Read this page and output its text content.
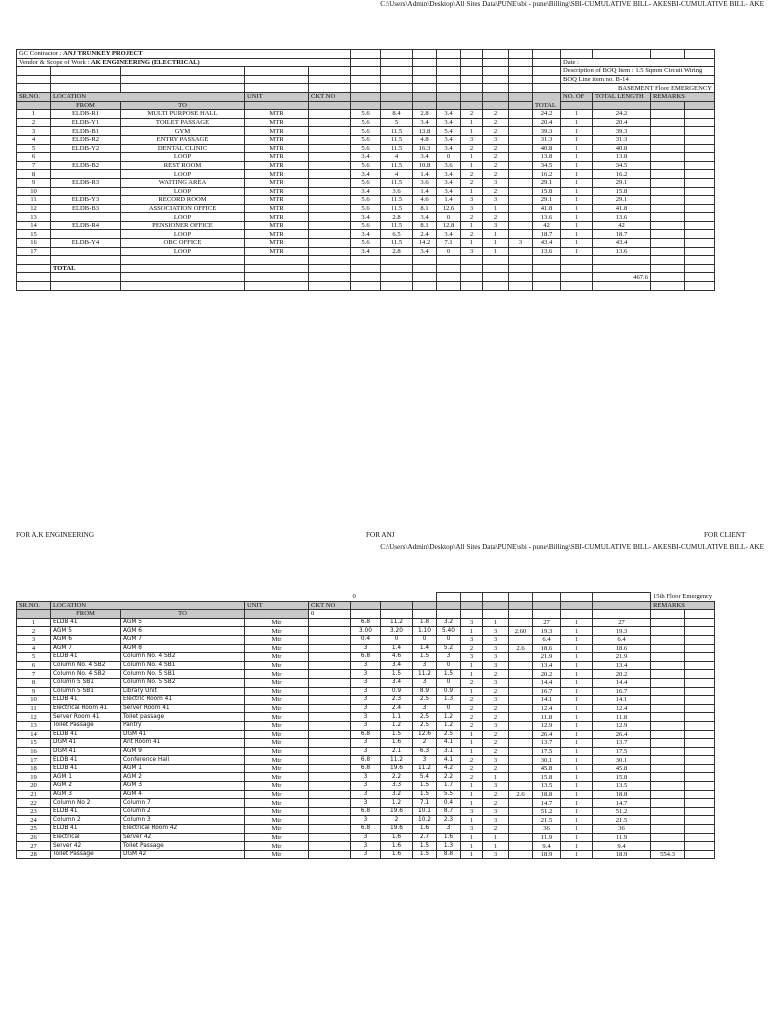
C:\Users\Admin\Desktop\All Sites Data\PUNE\sbi - pune\Billing\SBI-CUMULATIVE BILL- AKESBI-CUMULATIVE BILL- AKE
GC Contractor : ANJ TRUNKEY PROJECT																
Vendor & Scope of Work : AK ENGINEERING (ELECTRICAL)													Date :			
													Description of BOQ Item : 1.5 Sqmm Circuit Wiring			
													BOQ Line item no. B-14			
													BASEMENT Floor EMERGENCY			
SR.NO.	LOCATION		UNIT	CKT NO									NO. OF	TOTAL LENGTH	REMARKS	
	FROM	TO										TOTAL				
1	ELDB-R1	MULTI PURPOSE HALL	MTR		5.6	8.4	2.8	3.4	2	2		24.2	1	24.2		
2	ELDB-Y1	TOILET PASSAGE	MTR		5.6	5	3.4	3.4	1	2		20.4	1	20.4		
3	ELDB-B1	GYM	MTR		5.6	11.5	13.8	5.4	1	2		39.3	1	39.3		
4	ELDB-R2	ENTRY PASSAGE	MTR		5.6	11.5	4.8	3.4	3	3		31.3	1	31.3		
5	ELDB-Y2	DENTAL CLINIC	MTR		5.6	11.5	16.3	3.4	2	2		40.8	1	40.8		
6		LOOP	MTR		3.4	4	3.4	0	1	2		13.8	1	13.8		
7	ELDB-B2	REST ROOM	MTR		5.6	11.5	10.8	3.6	1	2		34.5	1	34.5		
8		LOOP	MTR		3.4	4	1.4	3.4	2	2		16.2	1	16.2		
9	ELDB-R3	WAITING AREA	MTR		5.6	11.5	3.6	3.4	2	3		29.1	1	29.1		
10		LOOP	MTR		3.4	3.6	1.4	3.4	1	2		15.8	1	15.8		
11	ELDB-Y3	RECORD ROOM	MTR		5.6	11.5	4.6	1.4	3	3		29.1	1	29.1		
12	ELDB-B3	ASSOCIATION OFFICE	MTR		5.6	11.5	8.1	12.6	3	1		41.8	1	41.8		
13		LOOP	MTR		3.4	2.8	3.4	0	2	2		13.6	1	13.6		
14	ELDB-R4	PENSIONER OFFICE	MTR		5.6	11.5	8.1	12.8	1	3		42	1	42		
15		LOOP	MTR		3.4	6.5	2.4	3.4	2	1		18.7	1	18.7		
16	ELDB-Y4	OBC OFFICE	MTR		5.6	11.5	14.2	7.1	1	1	3	43.4	1	43.4		
17		LOOP	MTR		3.4	2.8	3.4	0	3	1		13.6	1	13.6		

	TOTAL															
														467.6		

FOR A.K ENGINEERING	FOR ANJ	FOR CLIENT
C:\Users\Admin\Desktop\All Sites Data\PUNE\sbi - pune\Billing\SBI-CUMULATIVE BILL- AKESBI-CUMULATIVE BILL- AKE
					0										15th Floor Emergency	
SR.NO.	LOCATION		UNIT	CKT NO											REMARKS	
	FROM	TO		0												
1	ELDB 41	AGM 5	Mtr		6.8	11.2	1.8	3.2	3	1		27	1	27		
2	AGM 5	AGM 6	Mtr		3.00	3.20	1.10	5.40	1	3	2.60	19.3	1	19.3		
3	AGM 6	AGM 7	Mtr		0.4	0	0	0	3	3		6.4	1	6.4		
4	AGM 7	AGM 8	Mtr		3	1.4	1.4	5.2	2	3	2.6	18.6	1	18.6		
5	ELDB 41	Column No. 4 SB2	Mtr		6.8	4.6	1.5	3	3	3		21.9	1	21.9		
6	Column No. 4 SB2	Column No. 4 SB1	Mtr		3	3.4	3	0	1	3		13.4	1	13.4		
7	Column No. 4 SB2	Column No. 5 SB1	Mtr		3	1.5	11.2	1.5	1	2		20.2	1	20.2		
8	Column 5 SB1	Column No. 5 SB2	Mtr		3	3.4	3	0	2	3		14.4	1	14.4		
9	Column 5 SB1	Library Unit	Mtr		3	0.9	8.9	0.9	1	2		16.7	1	16.7		
10	ELDB 41	Electric Room 41	Mtr		3	2.3	2.5	1.3	2	3		14.1	1	14.1		
11	Electrical Room 41	Server Room 41	Mtr		3	2.4	3	0	2	2		12.4	1	12.4		
12	Server Room 41	Toilet passage	Mtr		3	1.1	2.5	1.2	2	2		11.8	1	11.8		
13	Toilet Passage	Pantry	Mtr		3	1.2	2.5	1.2	2	3		12.9	1	12.9		
14	ELDB 41	DGM 41	Mtr		6.8	1.5	12.6	2.5	1	2		26.4	1	26.4		
15	DGM 41	Ant Room 41	Mtr		3	1.6	2	4.1	1	2		13.7	1	13.7		
16	DGM 41	AGM 9	Mtr		3	2.1	6.3	3.1	1	2		17.5	1	17.5		
17	ELDB 41	Conference Hall	Mtr		6.8	11.2	3	4.1	2	3		30.1	1	30.1		
18	ELDB 41	AGM 1	Mtr		6.8	19.6	11.2	4.2	2	2		45.8	1	45.8		
19	AGM 1	AGM 2	Mtr		3	2.2	5.4	2.2	2	1		15.8	1	15.8		
20	AGM 2	AGM 3	Mtr		3	3.3	1.5	1.7	1	3		13.5	1	13.5		
21	AGM 3	AGM 4	Mtr		3	3.2	1.5	5.5	1	2	2.6	18.8	1	18.8		
22	Column No 2	Column 7	Mtr		3	1.2	7.1	0.4	1	2		14.7	1	14.7		
23	ELDB 41	Column 2	Mtr		6.8	19.6	10.1	8.7	3	3		51.2	1	51.2		
24	Column 2	Column 3	Mtr		3	2	10.2	2.3	1	3		21.5	1	21.5		
25	ELDB 41	Electrical Room 42	Mtr		6.8	19.6	1.6	3	3	2		36	1	36		
26	Electrical	Server 42	Mtr		3	1.6	2.7	1.6	1	1		11.9	1	11.9		
27	Server 42	Toilet Passage	Mtr		3	1.6	1.5	1.3	1	1		9.4	1	9.4		
28	Toilet Passage	DGM 42	Mtr		3	1.6	1.5	8.8	1	3		18.9	1	18.9	554.3	
